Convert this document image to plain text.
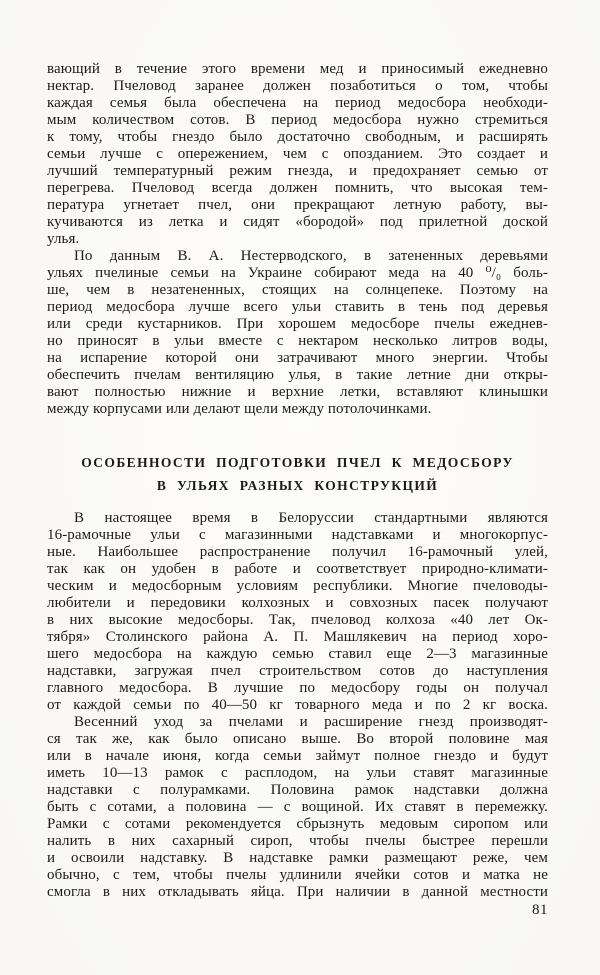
вающий в течение этого времени мед и приносимый ежедневно
нектар. Пчеловод заранее должен позаботиться о том, чтобы
каждая семья была обеспечена на период медосбора необходи-
мым количеством сотов. В период медосбора нужно стремиться
к тому, чтобы гнездо было достаточно свободным, и расширять
семьи лучше с опережением, чем с опозданием. Это создает и
лучший температурный режим гнезда, и предохраняет семью от
перегрева. Пчеловод всегда должен помнить, что высокая тем-
пература угнетает пчел, они прекращают летную работу, вы-
кучиваются из летка и сидят «бородой» под прилетной доской
улья.
По данным В. А. Нестерводского, в затененных деревьями
ульях пчелиные семьи на Украине собирают меда на 40 ⁰/₀ боль-
ше, чем в незатененных, стоящих на солнцепеке. Поэтому на
период медосбора лучше всего ульи ставить в тень под деревья
или среди кустарников. При хорошем медосборе пчелы ежеднев-
но приносят в ульи вместе с нектаром несколько литров воды,
на испарение которой они затрачивают много энергии. Чтобы
обеспечить пчелам вентиляцию улья, в такие летние дни откры-
вают полностью нижние и верхние летки, вставляют клинышки
между корпусами или делают щели между потолочинками.
ОСОБЕННОСТИ ПОДГОТОВКИ ПЧЕЛ К МЕДОСБОРУ
В УЛЬЯХ РАЗНЫХ КОНСТРУКЦИЙ
В настоящее время в Белоруссии стандартными являются
16-рамочные ульи с магазинными надставками и многокорпус-
ные. Наибольшее распространение получил 16-рамочный улей,
так как он удобен в работе и соответствует природно-климати-
ческим и медосборным условиям республики. Многие пчеловоды-
любители и передовики колхозных и совхозных пасек получают
в них высокие медосборы. Так, пчеловод колхоза «40 лет Ок-
тября» Столинского района А. П. Машлякевич на период хоро-
шего медосбора на каждую семью ставил еще 2—3 магазинные
надставки, загружая пчел строительством сотов до наступления
главного медосбора. В лучшие по медосбору годы он получал
от каждой семьи по 40—50 кг товарного меда и по 2 кг воска.
Весенний уход за пчелами и расширение гнезд производят-
ся так же, как было описано выше. Во второй половине мая
или в начале июня, когда семьи займут полное гнездо и будут
иметь 10—13 рамок с расплодом, на ульи ставят магазинные
надставки с полурамками. Половина рамок надставки должна
быть с сотами, а половина — с вощиной. Их ставят в перемежку.
Рамки с сотами рекомендуется сбрызнуть медовым сиропом или
налить в них сахарный сироп, чтобы пчелы быстрее перешли
и освоили надставку. В надставке рамки размещают реже, чем
обычно, с тем, чтобы пчелы удлинили ячейки сотов и матка не
смогла в них откладывать яйца. При наличии в данной местности
81
